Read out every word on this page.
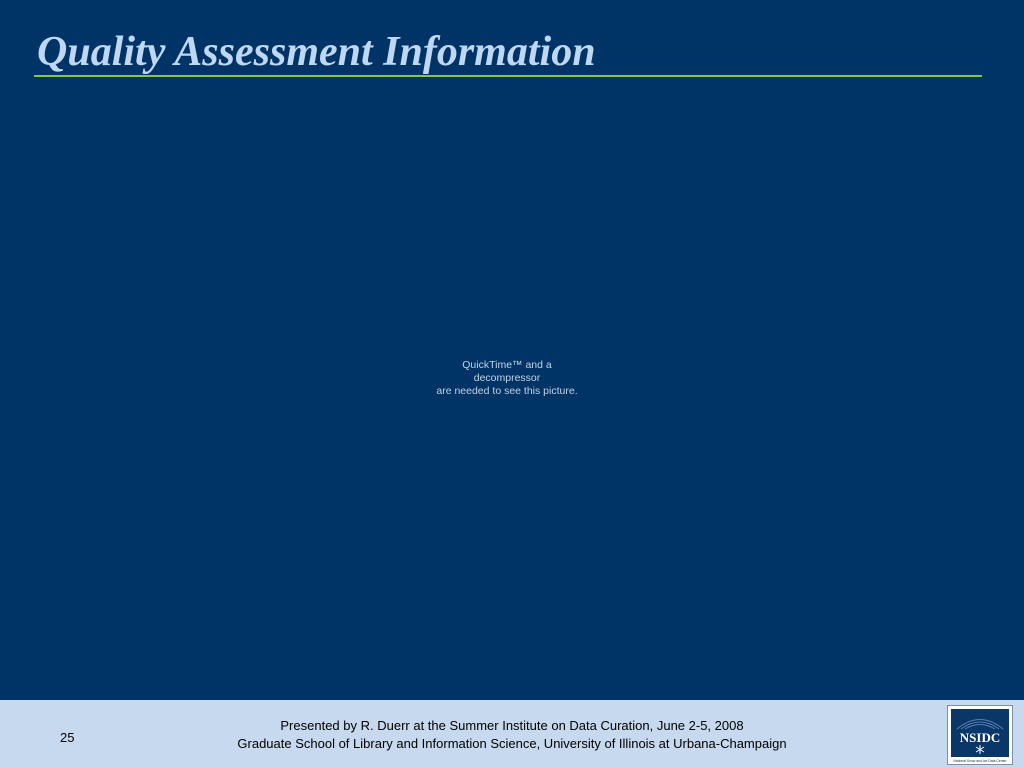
Quality Assessment Information
QuickTime™ and a
decompressor
are needed to see this picture.
25
Presented by R. Duerr at the Summer Institute on Data Curation, June 2-5, 2008
Graduate School of Library and Information Science, University of Illinois at Urbana-Champaign	NSIDC
National Snow and Ice Data Center
